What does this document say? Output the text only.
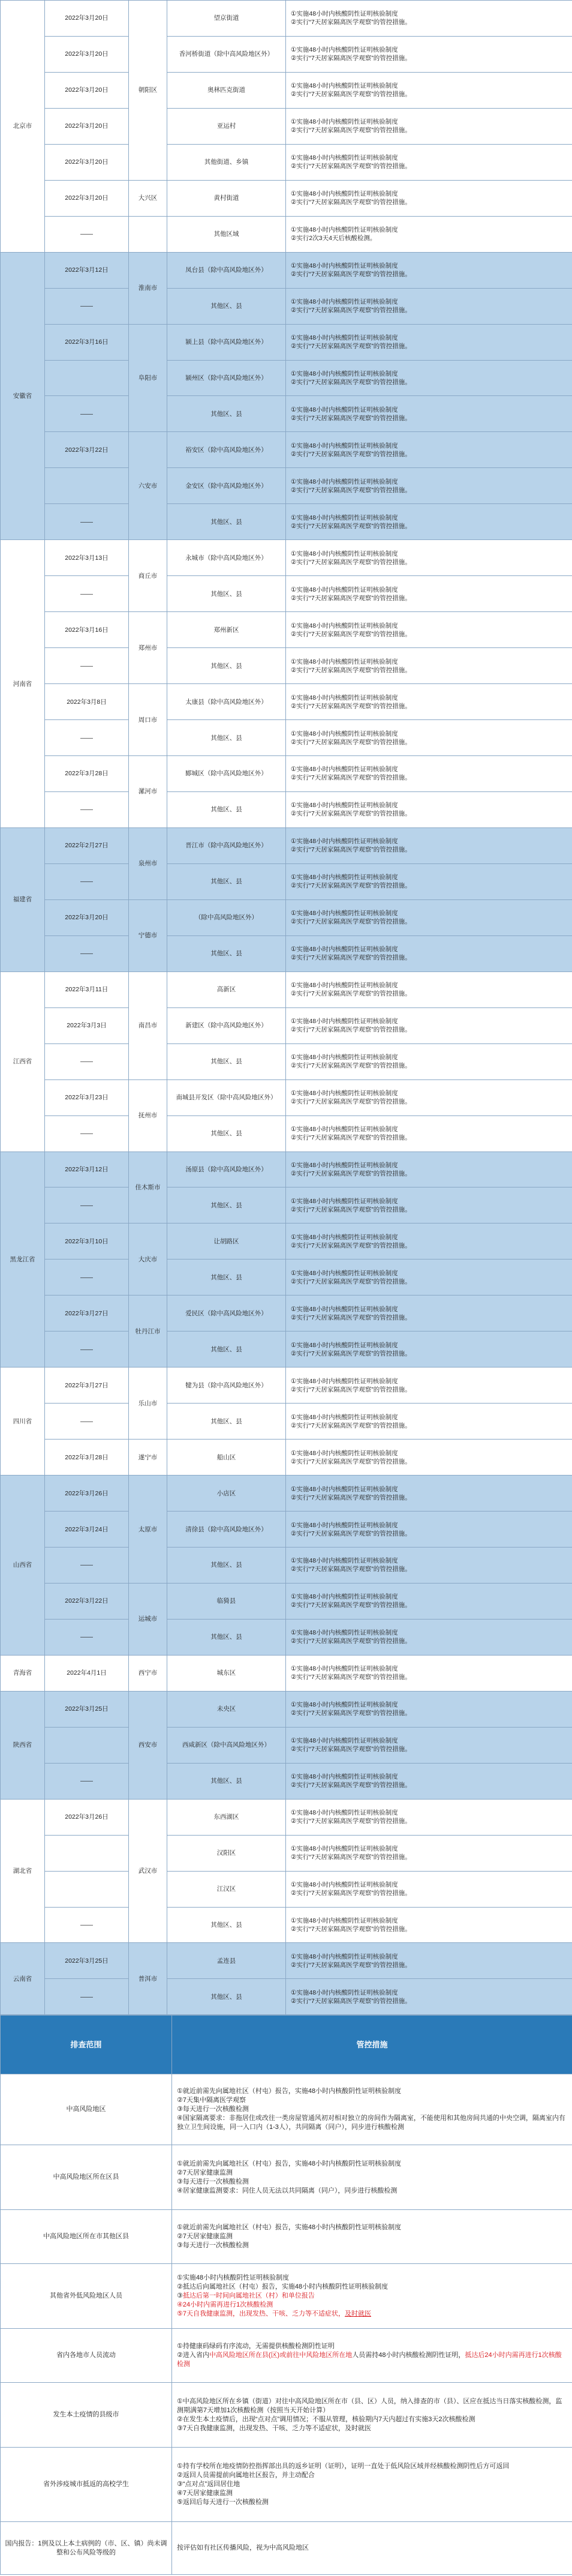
北京市	2022年3月20日	朝阳区	望京街道	①实施48小时内核酸阴性证明核验制度
②实行“7天居家隔离医学观察”的管控措施。

	2022年3月20日		香河桥街道（除中高风险地区外）	①实施48小时内核酸阴性证明核验制度
②实行“7天居家隔离医学观察”的管控措施。

	2022年3月20日		奥林匹克街道	①实施48小时内核酸阴性证明核验制度
②实行“7天居家隔离医学观察”的管控措施。

	2022年3月20日		亚运村	①实施48小时内核酸阴性证明核验制度
②实行“7天居家隔离医学观察”的管控措施。

	2022年3月20日		其他街道、乡镇	①实施48小时内核酸阴性证明核验制度
②实行“7天居家隔离医学观察”的管控措施。

	2022年3月20日	大兴区	黄村街道	①实施48小时内核酸阴性证明核验制度
②实行“7天居家隔离医学观察”的管控措施。

	——		其他区域	①实施48小时内核酸阴性证明核验制度
②实行2次3天4天后核酸检测。

安徽省	2022年3月12日	淮南市	凤台县（除中高风险地区外）	①实施48小时内核酸阴性证明核验制度
②实行“7天居家隔离医学观察”的管控措施。

	——		其他区、县	①实施48小时内核酸阴性证明核验制度
②实行“7天居家隔离医学观察”的管控措施。

	2022年3月16日	阜阳市	颍上县（除中高风险地区外）	①实施48小时内核酸阴性证明核验制度
②实行“7天居家隔离医学观察”的管控措施。

			颍州区（除中高风险地区外）	①实施48小时内核酸阴性证明核验制度
②实行“7天居家隔离医学观察”的管控措施。

	——		其他区、县	①实施48小时内核酸阴性证明核验制度
②实行“7天居家隔离医学观察”的管控措施。

	2022年3月22日	六安市	裕安区（除中高风险地区外）	①实施48小时内核酸阴性证明核验制度
②实行“7天居家隔离医学观察”的管控措施。

			金安区（除中高风险地区外）	①实施48小时内核酸阴性证明核验制度
②实行“7天居家隔离医学观察”的管控措施。

	——		其他区、县	①实施48小时内核酸阴性证明核验制度
②实行“7天居家隔离医学观察”的管控措施。

河南省	2022年3月13日	商丘市	永城市（除中高风险地区外）	①实施48小时内核酸阴性证明核验制度
②实行“7天居家隔离医学观察”的管控措施。

	——		其他区、县	①实施48小时内核酸阴性证明核验制度
②实行“7天居家隔离医学观察”的管控措施。

	2022年3月16日	郑州市	郑州新区	①实施48小时内核酸阴性证明核验制度
②实行“7天居家隔离医学观察”的管控措施。

	——		其他区、县	①实施48小时内核酸阴性证明核验制度
②实行“7天居家隔离医学观察”的管控措施。

	2022年3月8日	周口市	太康县（除中高风险地区外）	①实施48小时内核酸阴性证明核验制度
②实行“7天居家隔离医学观察”的管控措施。

	——		其他区、县	①实施48小时内核酸阴性证明核验制度
②实行“7天居家隔离医学观察”的管控措施。

	2022年3月28日	漯河市	郾城区（除中高风险地区外）	①实施48小时内核酸阴性证明核验制度
②实行“7天居家隔离医学观察”的管控措施。

	——		其他区、县	①实施48小时内核酸阴性证明核验制度
②实行“7天居家隔离医学观察”的管控措施。

福建省	2022年2月27日	泉州市	晋江市（除中高风险地区外）	①实施48小时内核酸阴性证明核验制度
②实行“7天居家隔离医学观察”的管控措施。

	——		其他区、县	①实施48小时内核酸阴性证明核验制度
②实行“7天居家隔离医学观察”的管控措施。

	2022年3月20日	宁德市	（除中高风险地区外）	①实施48小时内核酸阴性证明核验制度
②实行“7天居家隔离医学观察”的管控措施。

	——		其他区、县	①实施48小时内核酸阴性证明核验制度
②实行“7天居家隔离医学观察”的管控措施。

江西省	2022年3月11日	南昌市	高新区	①实施48小时内核酸阴性证明核验制度
②实行“7天居家隔离医学观察”的管控措施。

	2022年3月3日		新建区（除中高风险地区外）	①实施48小时内核酸阴性证明核验制度
②实行“7天居家隔离医学观察”的管控措施。

	——		其他区、县	①实施48小时内核酸阴性证明核验制度
②实行“7天居家隔离医学观察”的管控措施。

	2022年3月23日	抚州市	南城县开发区（除中高风险地区外）	①实施48小时内核酸阴性证明核验制度
②实行“7天居家隔离医学观察”的管控措施。

	——		其他区、县	①实施48小时内核酸阴性证明核验制度
②实行“7天居家隔离医学观察”的管控措施。

黑龙江省	2022年3月12日	佳木斯市	汤原县（除中高风险地区外）	①实施48小时内核酸阴性证明核验制度
②实行“7天居家隔离医学观察”的管控措施。

	——		其他区、县	①实施48小时内核酸阴性证明核验制度
②实行“7天居家隔离医学观察”的管控措施。

	2022年3月10日	大庆市	让胡路区	①实施48小时内核酸阴性证明核验制度
②实行“7天居家隔离医学观察”的管控措施。

	——		其他区、县	①实施48小时内核酸阴性证明核验制度
②实行“7天居家隔离医学观察”的管控措施。

	2022年3月27日	牡丹江市	爱民区（除中高风险地区外）	①实施48小时内核酸阴性证明核验制度
②实行“7天居家隔离医学观察”的管控措施。

	——		其他区、县	①实施48小时内核酸阴性证明核验制度
②实行“7天居家隔离医学观察”的管控措施。

四川省	2022年3月27日	乐山市	犍为县（除中高风险地区外）	①实施48小时内核酸阴性证明核验制度
②实行“7天居家隔离医学观察”的管控措施。

	——		其他区、县	①实施48小时内核酸阴性证明核验制度
②实行“7天居家隔离医学观察”的管控措施。

	2022年3月28日	遂宁市	船山区	①实施48小时内核酸阴性证明核验制度
②实行“7天居家隔离医学观察”的管控措施。

山西省	2022年3月26日	太原市	小店区	①实施48小时内核酸阴性证明核验制度
②实行“7天居家隔离医学观察”的管控措施。

	2022年3月24日		清徐县（除中高风险地区外）	①实施48小时内核酸阴性证明核验制度
②实行“7天居家隔离医学观察”的管控措施。

	——		其他区、县	①实施48小时内核酸阴性证明核验制度
②实行“7天居家隔离医学观察”的管控措施。

	2022年3月22日	运城市	临猗县	①实施48小时内核酸阴性证明核验制度
②实行“7天居家隔离医学观察”的管控措施。

	——		其他区、县	①实施48小时内核酸阴性证明核验制度
②实行“7天居家隔离医学观察”的管控措施。

青海省	2022年4月1日	西宁市	城东区	①实施48小时内核酸阴性证明核验制度
②实行“7天居家隔离医学观察”的管控措施。

陕西省	2022年3月25日	西安市	未央区	①实施48小时内核酸阴性证明核验制度
②实行“7天居家隔离医学观察”的管控措施。

			西咸新区（除中高风险地区外）	①实施48小时内核酸阴性证明核验制度
②实行“7天居家隔离医学观察”的管控措施。

	——		其他区、县	①实施48小时内核酸阴性证明核验制度
②实行“7天居家隔离医学观察”的管控措施。

湖北省	2022年3月26日	武汉市	东西湖区	①实施48小时内核酸阴性证明核验制度
②实行“7天居家隔离医学观察”的管控措施。

			汉阳区	①实施48小时内核酸阴性证明核验制度
②实行“7天居家隔离医学观察”的管控措施。

			江汉区	①实施48小时内核酸阴性证明核验制度
②实行“7天居家隔离医学观察”的管控措施。

	——		其他区、县	①实施48小时内核酸阴性证明核验制度
②实行“7天居家隔离医学观察”的管控措施。

云南省	2022年3月25日	普洱市	孟连县	①实施48小时内核酸阴性证明核验制度
②实行“7天居家隔离医学观察”的管控措施。

	——		其他区、县	①实施48小时内核酸阴性证明核验制度
②实行“7天居家隔离医学观察”的管控措施。
排查范围	管控措施
中高风险地区	①就近前需先向属地社区（村屯）报告，实施48小时内核酸阴性证明核验制度
②7天集中隔离医学观察
③每天进行一次核酸检测
④国家隔离要求：非拖居住或改往一类房屋管通风初对相对独立的房间作为隔离室，不能使用和其他房间共通的中央空调，隔离室内有独立卫生间设施，同一入口内（1-3人），共同隔离（同户），同步进行核酸检测

中高风险地区所在区县	①就近前需先向属地社区（村屯）报告，实施48小时内核酸阴性证明核验制度
②7天居家健康监测
③每天进行一次核酸检测
④居家健康监测要求：同住人员无法以共同隔离（同户），同步进行核酸检测

中高风险地区所在市其他区县	①就近前需先向属地社区（村屯）报告，实施48小时内核酸阴性证明核验制度
②7天居家健康监测
③每天进行一次核酸检测

其他省外低风险地区人员	①实施48小时内核酸阴性证明核验制度
②抵达后向属地社区（村屯）报告，实施48小时内核酸阴性证明核验制度
③抵达后第一时间向属地社区（村）和单位报告
④24小时内需再进行1次核酸检测
⑤7天自我健康监测，出现发热、干咳、乏力等不适症状，及时就医

省内各地市人员流动	①持健康码绿码有序流动，无需提供核酸检测阴性证明
②进入省内中高风险地区所在县(区)或前往中风险地区所在地人员需持48小时内核酸检测阴性证明，抵达后24小时内需再进行1次核酸检测

发生本土疫情的县级市	①中高风险地区所在乡镇（街道）对往中高风险地区所在市（县、区）人员，纳入排查的市（县）、区应在抵达当日落实核酸检测，监测期满第7天增加1次核酸检测（按照当天开始计算）
②在发生本土疫情后，出现“点对点”调用情况；不服从管理，核验期内7天内超过有实施3天2次核酸检测
③7天自我健康监测，出现发热、干咳、乏力等不适症状，及时就医

省外涉疫城市抵返的高校学生	①持有学校所在地疫情防控指挥部出具的返乡证明（证明），证明一直处于低风险区域并经核酸检测阴性后方可返回
②返回人员需提前向属地社区报告，并主动配合
③“点对点”返回居住地
④7天居家健康监测
⑤返回后每天进行一次核酸检测

国内报告：1例及以上本土病例的（市、区、镇）尚未调整和公布风险等级的	按评估如有社区传播风险，视为中高风险地区
